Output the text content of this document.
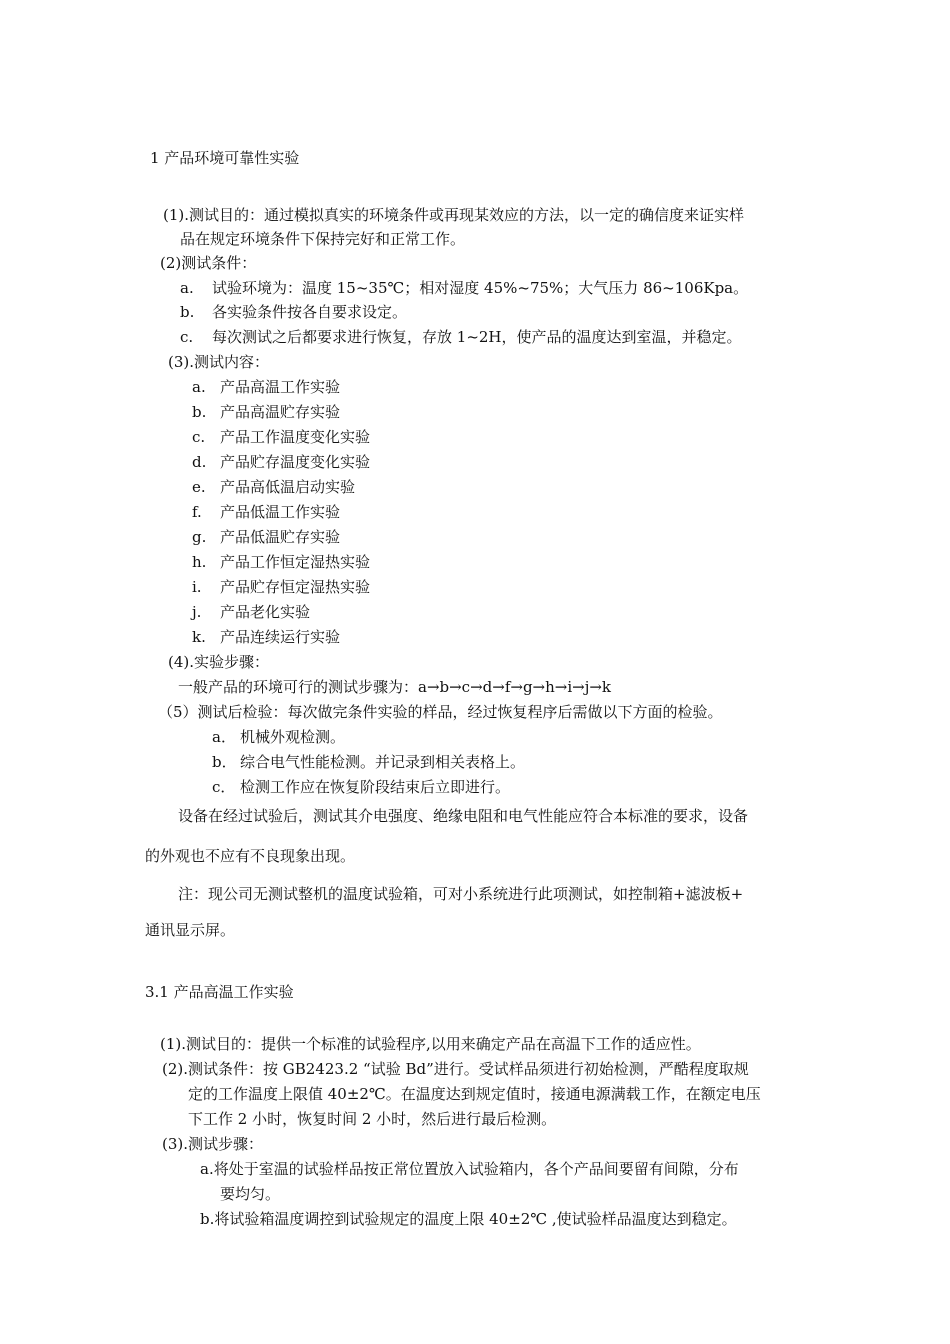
1 产品环境可靠性实验
(1).测试目的：通过模拟真实的环境条件或再现某效应的方法，以一定的确信度来证实样
品在规定环境条件下保持完好和正常工作。
(2)测试条件：
a. 试验环境为：温度 15~35℃；相对湿度 45%~75%；大气压力 86~106Kpa。
b. 各实验条件按各自要求设定。
c. 每次测试之后都要求进行恢复，存放 1~2H，使产品的温度达到室温，并稳定。
(3).测试内容：
a. 产品高温工作实验
b. 产品高温贮存实验
c. 产品工作温度变化实验
d. 产品贮存温度变化实验
e. 产品高低温启动实验
f. 产品低温工作实验
g. 产品低温贮存实验
h. 产品工作恒定湿热实验
i. 产品贮存恒定湿热实验
j. 产品老化实验
k. 产品连续运行实验
(4).实验步骤：
一般产品的环境可行的测试步骤为：a→b→c→d→f→g→h→i→j→k
（5）测试后检验：每次做完条件实验的样品，经过恢复程序后需做以下方面的检验。
a． 机械外观检测。
b． 综合电气性能检测。并记录到相关表格上。
c． 检测工作应在恢复阶段结束后立即进行。
设备在经过试验后，测试其介电强度、绝缘电阻和电气性能应符合本标准的要求，设备
的外观也不应有不良现象出现。
注：现公司无测试整机的温度试验箱，可对小系统进行此项测试，如控制箱+滤波板+
通讯显示屏。
3.1 产品高温工作实验
(1).测试目的：提供一个标准的试验程序,以用来确定产品在高温下工作的适应性。
(2).测试条件：按 GB2423.2 “试验 Bd”进行。受试样品须进行初始检测，严酷程度取规
定的工作温度上限值 40±2℃。在温度达到规定值时，接通电源满载工作，在额定电压
下工作 2 小时，恢复时间 2 小时，然后进行最后检测。
(3).测试步骤：
a.将处于室温的试验样品按正常位置放入试验箱内，各个产品间要留有间隙，分布
要均匀。
b.将试验箱温度调控到试验规定的温度上限 40±2℃ ,使试验样品温度达到稳定。
